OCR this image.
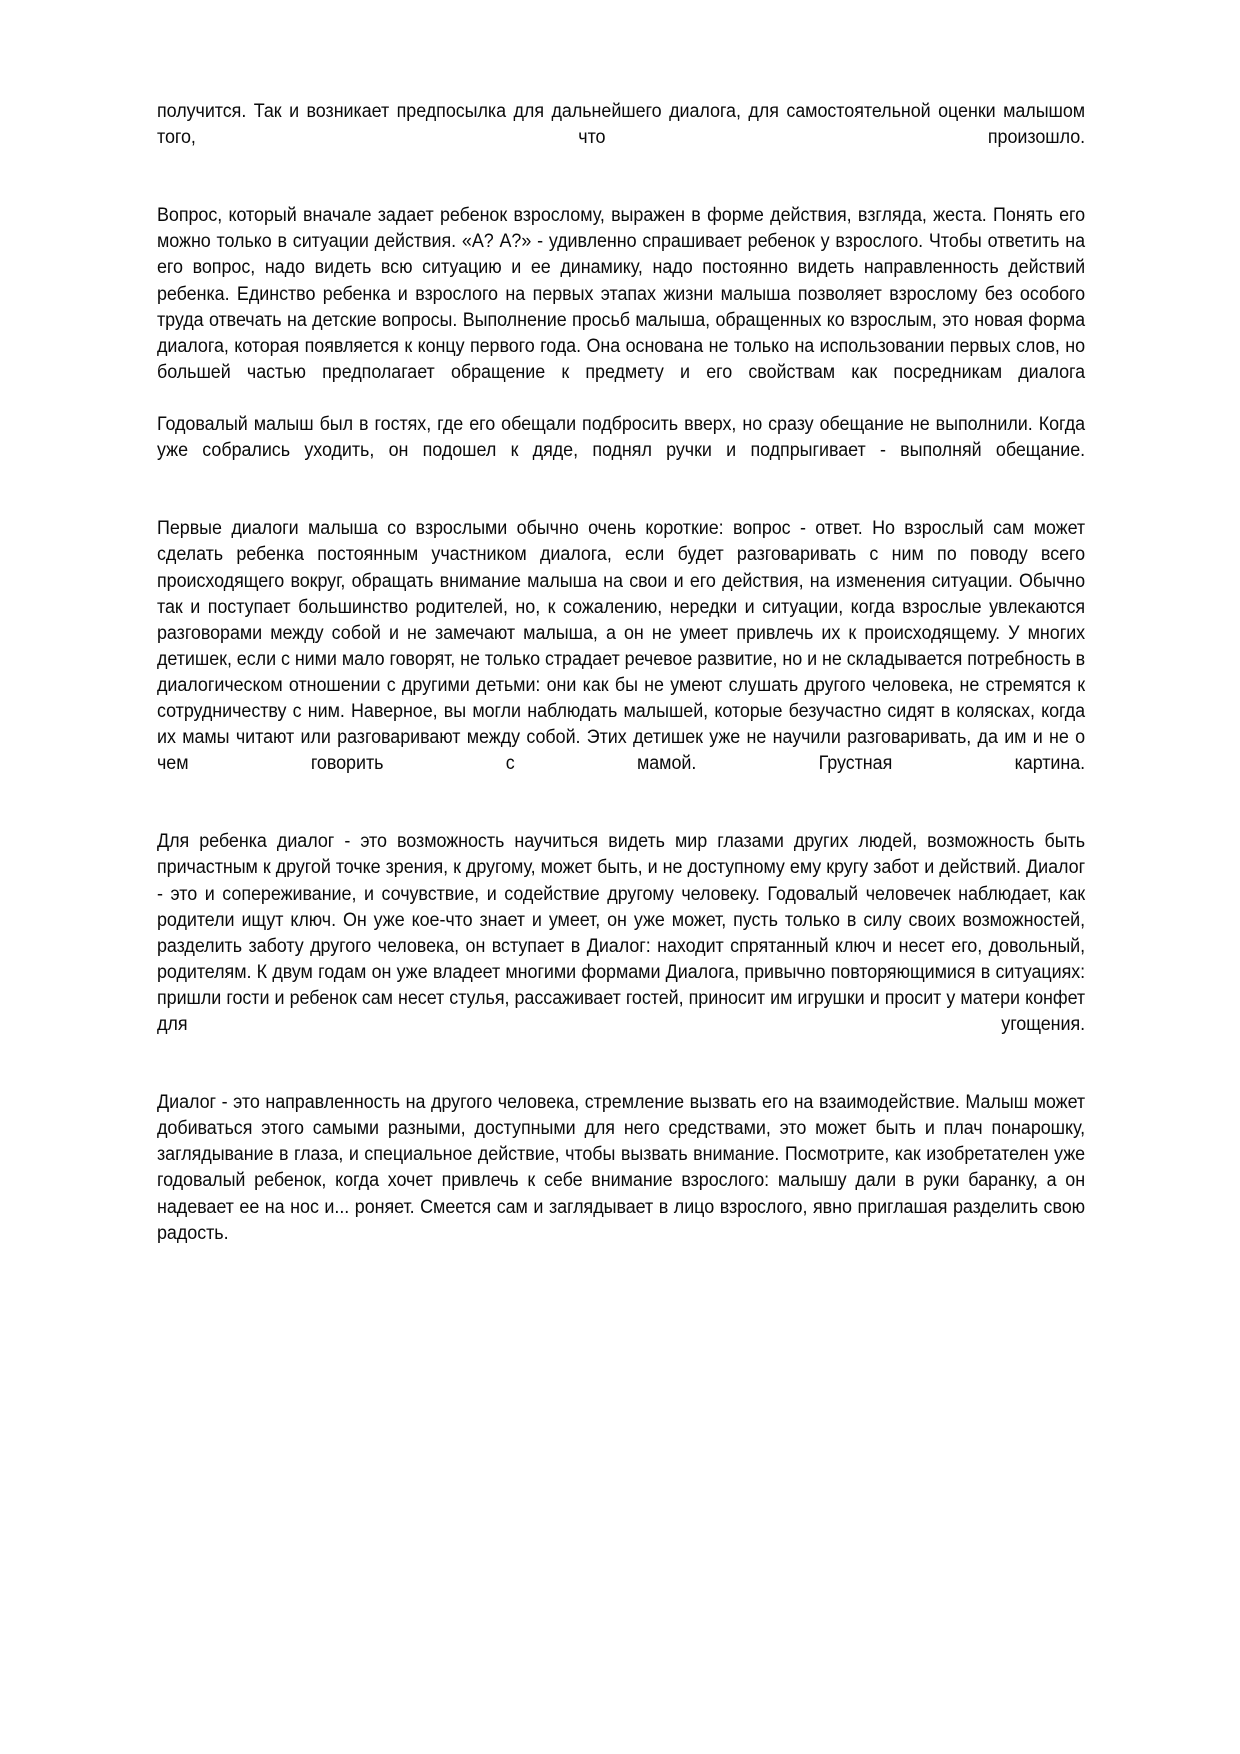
получится. Так и возникает предпосылка для дальнейшего диалога, для самостоятельной оценки малышом того, что произошло.

Вопрос, который вначале задает ребенок взрослому, выражен в форме действия, взгляда, жеста. Понять его можно только в ситуации действия. «А? А?» - удивленно спрашивает ребенок у взрослого. Чтобы ответить на его вопрос, надо видеть всю ситуацию и ее динамику, надо постоянно видеть направленность действий ребенка. Единство ребенка и взрослого на первых этапах жизни малыша позволяет взрослому без особого труда отвечать на детские вопросы. Выполнение просьб малыша, обращенных ко взрослым, это новая форма диалога, которая появляется к концу первого года. Она основана не только на использовании первых слов, но большей частью предполагает обращение к предмету и его свойствам как посредникам диалога

Годовалый малыш был в гостях, где его обещали подбросить вверх, но сразу обещание не выполнили. Когда уже собрались уходить, он подошел к дяде, поднял ручки и подпрыгивает - выполняй обещание.

Первые диалоги малыша со взрослыми обычно очень короткие: вопрос - ответ. Но взрослый сам может сделать ребенка постоянным участником диалога, если будет разговаривать с ним по поводу всего происходящего вокруг, обращать внимание малыша на свои и его действия, на изменения ситуации. Обычно так и поступает большинство родителей, но, к сожалению, нередки и ситуации, когда взрослые увлекаются разговорами между собой и не замечают малыша, а он не умеет привлечь их к происходящему. У многих детишек, если с ними мало говорят, не только страдает речевое развитие, но и не складывается потребность в диалогическом отношении с другими детьми: они как бы не умеют слушать другого человека, не стремятся к сотрудничеству с ним. Наверное, вы могли наблюдать малышей, которые безучастно сидят в колясках, когда их мамы читают или разговаривают между собой. Этих детишек уже не научили разговаривать, да им и не о чем говорить с мамой. Грустная картина.

Для ребенка диалог - это возможность научиться видеть мир глазами других людей, возможность быть причастным к другой точке зрения, к другому, может быть, и не доступному ему кругу забот и действий. Диалог - это и сопереживание, и сочувствие, и содействие другому человеку. Годовалый человечек наблюдает, как родители ищут ключ. Он уже кое-что знает и умеет, он уже может, пусть только в силу своих возможностей, разделить заботу другого человека, он вступает в Диалог: находит спрятанный ключ и несет его, довольный, родителям. К двум годам он уже владеет многими формами Диалога, привычно повторяющимися в ситуациях: пришли гости и ребенок сам несет стулья, рассаживает гостей, приносит им игрушки и просит у матери конфет для угощения.

Диалог - это направленность на другого человека, стремление вызвать его на взаимодействие. Малыш может добиваться этого самыми разными, доступными для него средствами, это может быть и плач понарошку, заглядывание в глаза, и специальное действие, чтобы вызвать внимание. Посмотрите, как изобретателен уже годовалый ребенок, когда хочет привлечь к себе внимание взрослого: малышу дали в руки баранку, а он надевает ее на нос и... роняет. Смеется сам и заглядывает в лицо взрослого, явно приглашая разделить свою радость.
